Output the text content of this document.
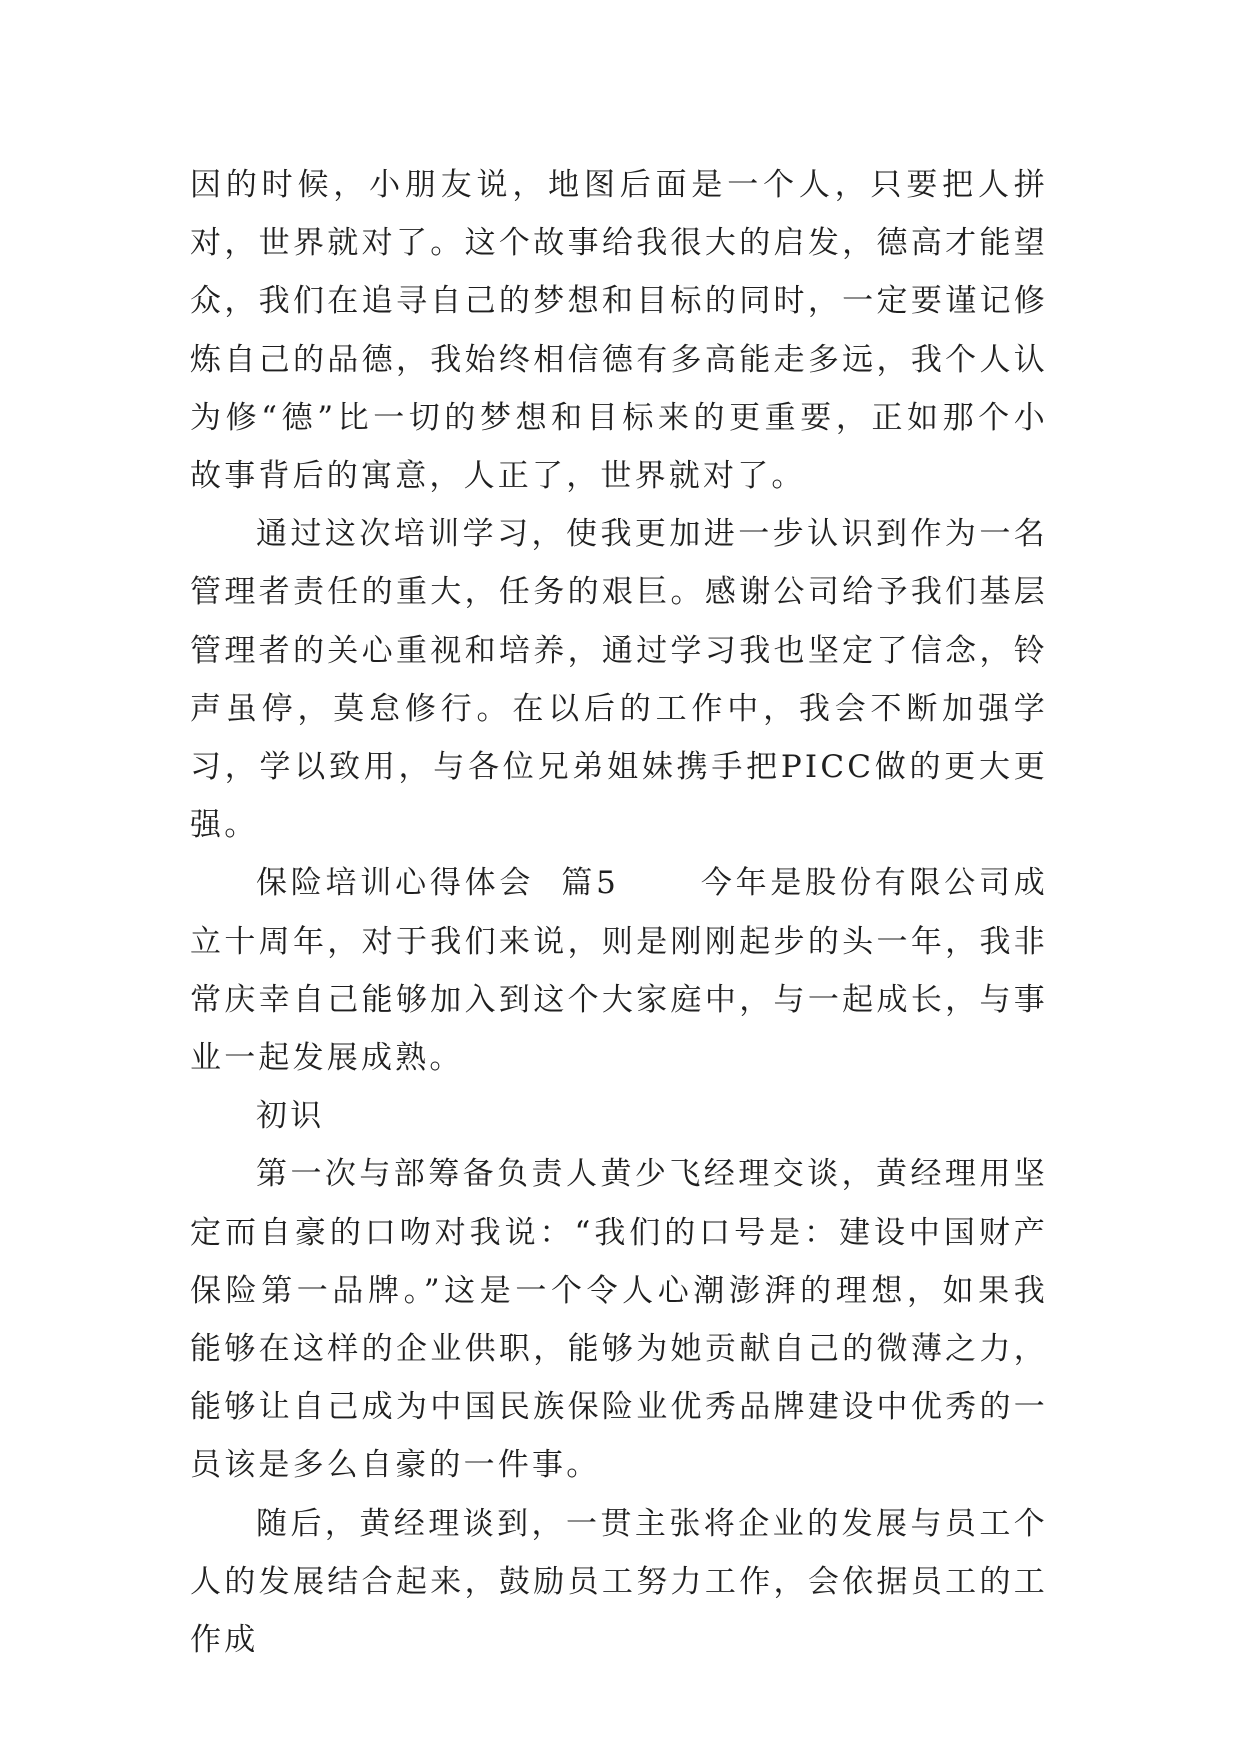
因的时候，小朋友说，地图后面是一个人，只要把人拼对，世界就对了。这个故事给我很大的启发，德高才能望众，我们在追寻自己的梦想和目标的同时，一定要谨记修炼自己的品德，我始终相信德有多高能走多远，我个人认为修“德”比一切的梦想和目标来的更重要，正如那个小故事背后的寓意，人正了，世界就对了。

通过这次培训学习，使我更加进一步认识到作为一名管理者责任的重大，任务的艰巨。感谢公司给予我们基层管理者的关心重视和培养，通过学习我也坚定了信念，铃声虽停，莫怠修行。在以后的工作中，我会不断加强学习，学以致用，与各位兄弟姐妹携手把PICC做的更大更强。

保险培训心得体会  篇5      今年是股份有限公司成立十周年，对于我们来说，则是刚刚起步的头一年，我非常庆幸自己能够加入到这个大家庭中，与一起成长，与事业一起发展成熟。

初识

第一次与部筹备负责人黄少飞经理交谈，黄经理用坚定而自豪的口吻对我说：“我们的口号是：建设中国财产保险第一品牌。”这是一个令人心潮澎湃的理想，如果我能够在这样的企业供职，能够为她贡献自己的微薄之力，能够让自己成为中国民族保险业优秀品牌建设中优秀的一员该是多么自豪的一件事。

随后，黄经理谈到，一贯主张将企业的发展与员工个人的发展结合起来，鼓励员工努力工作，会依据员工的工作成
